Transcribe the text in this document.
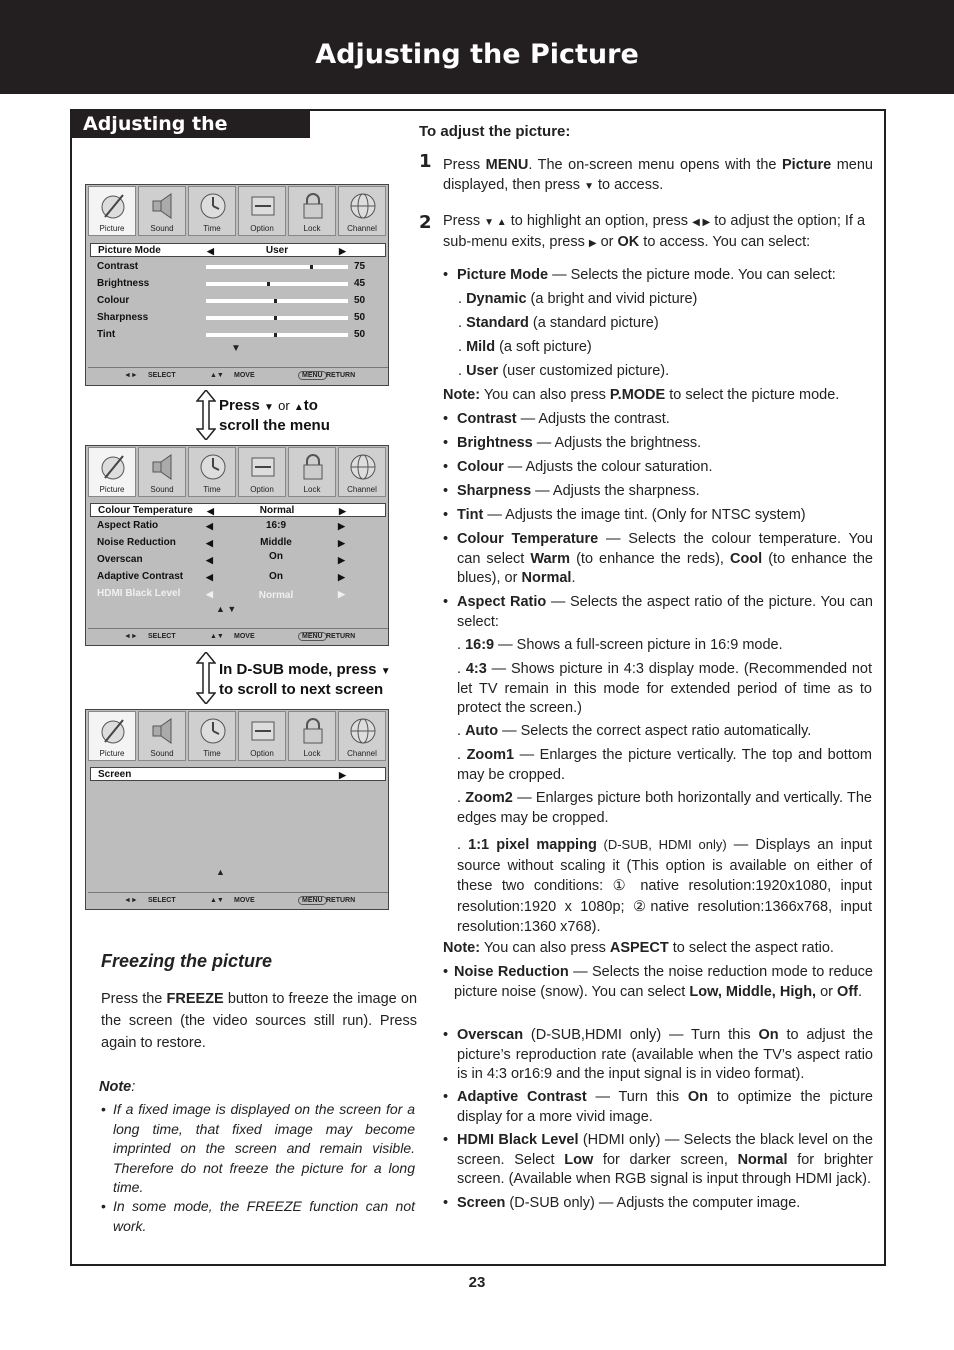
Adjusting the Picture
Adjusting the picture
Picture	Sound	Time	Option	Lock	Channel
Picture Mode	◀	User	▶
Contrast	75
Brightness	45
Colour	50
Sharpness	50
Tint	50
▼
◄► SELECT	▲▼ MOVE	MENU RETURN
Press ▼ or ▲to
scroll the menu
Picture	Sound	Time	Option	Lock	Channel
Colour Temperature ◀	Normal	▶
Aspect Ratio	◀	16:9	▶
Noise Reduction	◀	Middle	▶
Overscan	◀	On	▶
Adaptive Contrast	◀	On	▶
HDMI Black Level	◀	Normal	▶
▲ ▼
◄► SELECT	▲▼ MOVE	MENU RETURN
In D-SUB mode, press ▼
to scroll to next screen
Picture	Sound	Time	Option	Lock	Channel
Screen	▶
▲
◄► SELECT	▲▼ MOVE	MENU RETURN
Freezing the picture
Press the FREEZE button to freeze the image on the screen (the video sources still run). Press again to restore.
Note:
• If a fixed image is displayed on the screen for a long time, that fixed image may become imprinted on the screen and remain visible. Therefore do not freeze the picture for a long time.
• In some mode, the FREEZE function can not work.
To adjust the picture:
1 Press MENU. The on-screen menu opens with the Picture menu displayed, then press ▼ to access.
2 Press ▼ ▲ to highlight an option, press ◀ ▶ to adjust the option; If a sub-menu exits, press ▶ or OK to access. You can select:
• Picture Mode — Selects the picture mode. You can select:
. Dynamic (a bright and vivid picture)
. Standard (a standard picture)
. Mild (a soft picture)
. User (user customized picture).
Note: You can also press P.MODE to select the picture mode.
• Contrast — Adjusts the contrast.
• Brightness — Adjusts the brightness.
• Colour — Adjusts the colour saturation.
• Sharpness — Adjusts the sharpness.
• Tint — Adjusts the image tint. (Only for NTSC system)
• Colour Temperature — Selects the colour temperature. You can select Warm (to enhance the reds), Cool (to enhance the blues), or Normal.
• Aspect Ratio — Selects the aspect ratio of the picture. You can select:
. 16:9 — Shows a full-screen picture in 16:9 mode.
. 4:3 — Shows picture in 4:3 display mode. (Recommended not let TV remain in this mode for extended period of time as to protect the screen.)
. Auto — Selects the correct aspect ratio automatically.
. Zoom1 — Enlarges the picture vertically. The top and bottom may be cropped.
. Zoom2 — Enlarges picture both horizontally and vertically. The edges may be cropped.
. 1:1 pixel mapping (D-SUB, HDMI only) — Displays an input source without scaling it (This option is available on either of these two conditions: ① native resolution:1920x1080, input resolution:1920 x 1080p; ②native resolution:1366x768, input resolution:1360 x768).
Note: You can also press ASPECT to select the aspect ratio.
• Noise Reduction — Selects the noise reduction mode to reduce picture noise (snow). You can select Low, Middle, High, or Off.
• Overscan (D-SUB,HDMI only) — Turn this On to adjust the picture’s reproduction rate (available when the TV’s aspect ratio is in 4:3 or16:9 and the input signal is in video format).
• Adaptive Contrast — Turn this On to optimize the picture display for a more vivid image.
• HDMI Black Level (HDMI only) — Selects the black level on the screen. Select Low for darker screen, Normal for brighter screen. (Available when RGB signal is input through HDMI jack).
• Screen (D-SUB only) — Adjusts the computer image.
23
